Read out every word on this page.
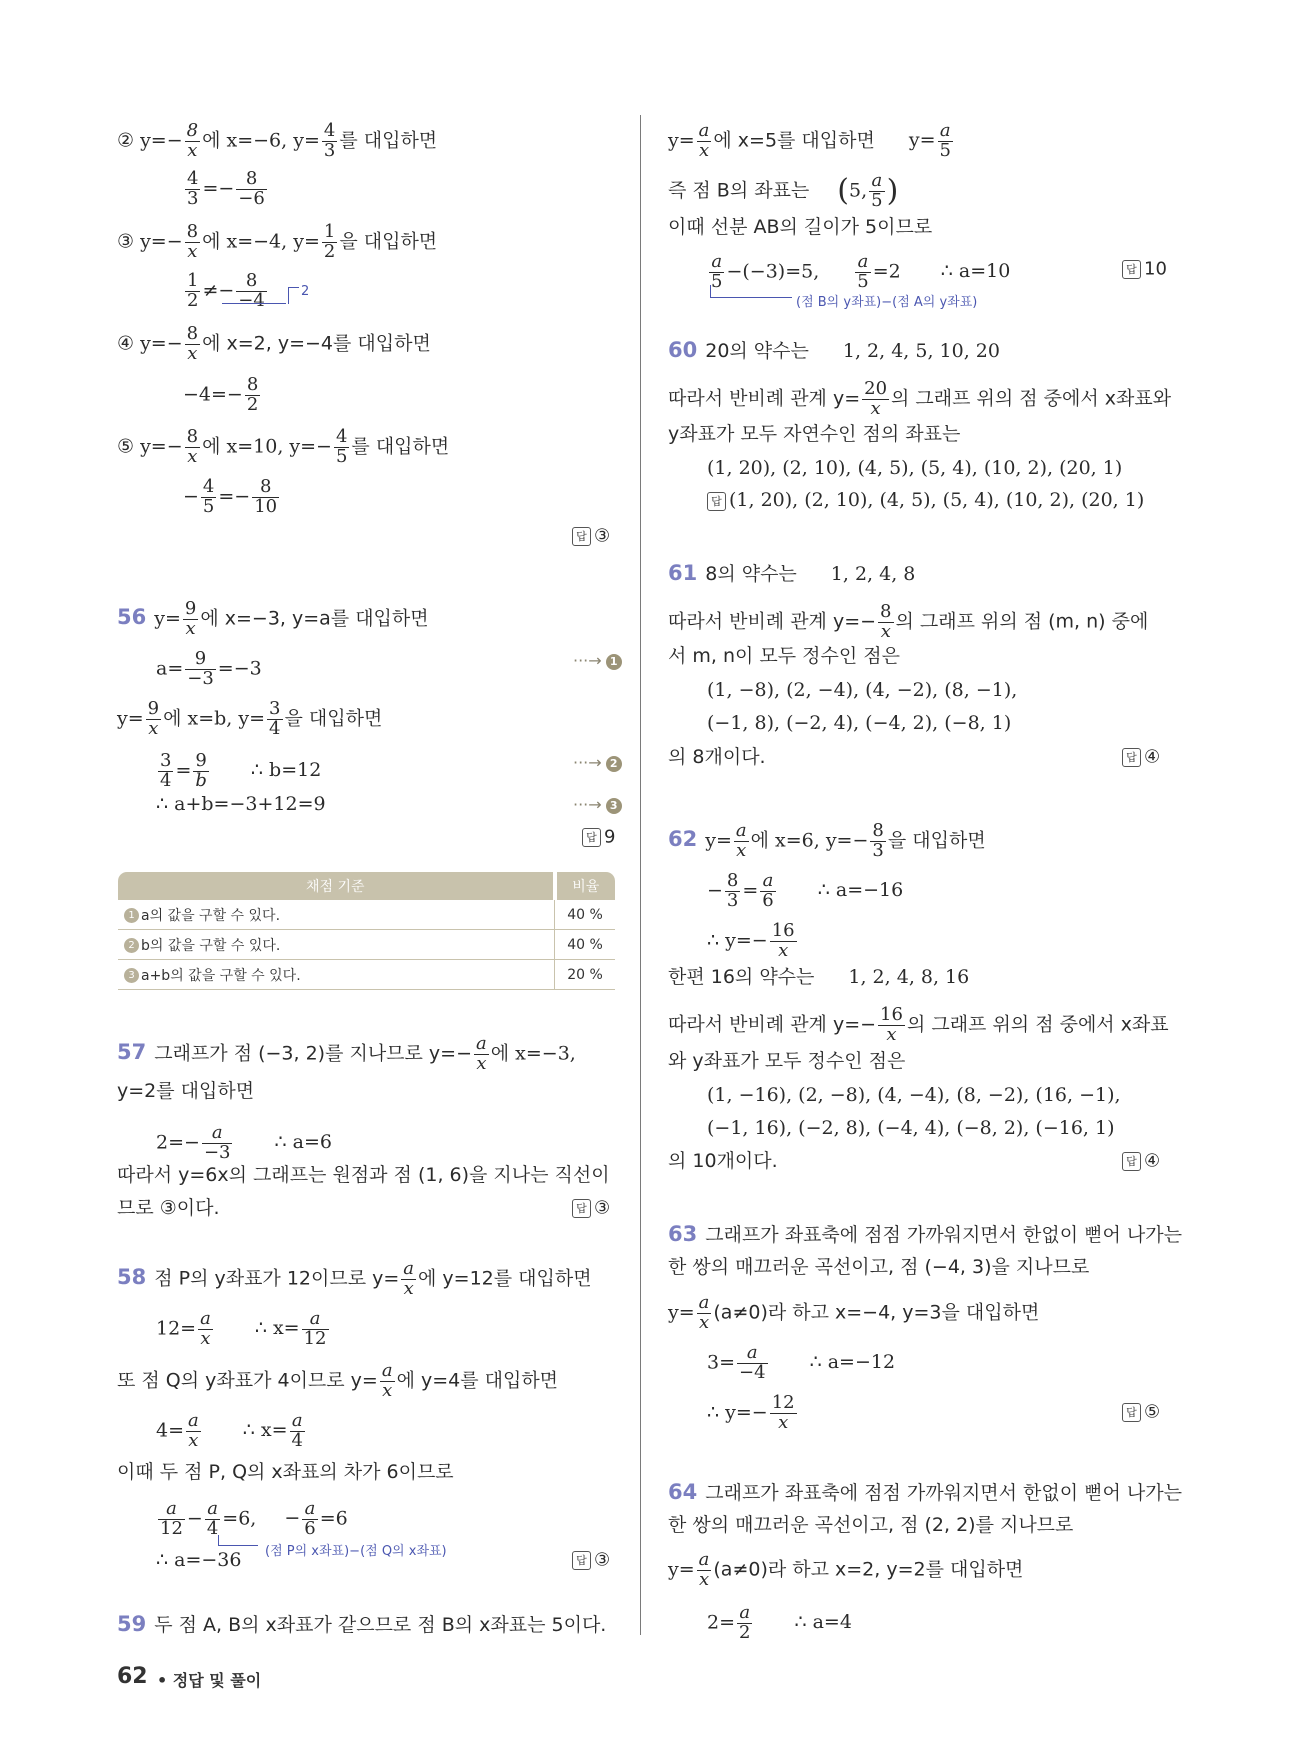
② $y=- \frac{8}{x}$ 에 x=−6, $y= \frac{4}{3}$ 를 대입하면
$\frac{4}{3} =- \frac{8}{-6}$
③ $y=- \frac{8}{x}$ 에 x=−4, $y= \frac{1}{2}$ 을 대입하면
$\frac{1}{2} \ne- \frac{8}{-4}$	2
④ $y=- \frac{8}{x}$ 에 x=2, y=−4를 대입하면
$-4=- \frac{8}{2}$
⑤ $y=- \frac{8}{x}$ 에 x=10, $y=- \frac{4}{5}$ 를 대입하면
− $\frac{4}{5} =- \frac{8}{10}$
답 ③
56 $y= \frac{9}{x}$ 에 x=−3, y=a를 대입하면
$a= \frac{9}{-3} =-3$	···→ 1
$y= \frac{9}{x}$ 에 x=b, $y= \frac{3}{4}$ 을 대입하면
$\frac{3}{4} = \frac{9}{b}$ ∴ b=12	···→ 2
∴ a+b=−3+12=9	···→ 3
답 9
채점 기준	비율
1 a의 값을 구할 수 있다.	40 %
2 b의 값을 구할 수 있다.	40 %
3 a+b의 값을 구할 수 있다.	20 %
57 그래프가 점 (−3, 2)를 지나므로 $y=- \frac{a}{x}$ 에 x=−3,
y=2를 대입하면
$2=- \frac{a}{-3}$ ∴ a=6
따라서 y=6x의 그래프는 원점과 점 (1, 6)을 지나는 직선이
므로 ③이다.	답 ③
58 점 P의 y좌표가 12이므로 $y= \frac{a}{x}$ 에 y=12를 대입하면
$12= \frac{a}{x}$ ∴ $x= \frac{a}{12}$
또 점 Q의 y좌표가 4이므로 $y= \frac{a}{x}$ 에 y=4를 대입하면
$4= \frac{a}{x}$ ∴ $x= \frac{a}{4}$
이때 두 점 P, Q의 x좌표의 차가 6이므로
$\frac{a}{12} - \frac{a}{4} =6$, − $\frac{a}{6} =6$
(점 P의 x좌표)−(점 Q의 x좌표)
∴ a=−36	답 ③
59 두 점 A, B의 x좌표가 같으므로 점 B의 x좌표는 5이다.
$y= \frac{a}{x}$ 에 x=5를 대입하면 $y= \frac{a}{5}$
즉 점 B의 좌표는 (5, $\frac{a}{5}$ )
이때 선분 AB의 길이가 5이므로
$\frac{a}{5} -(-3)=5$, $\frac{a}{5} =2$ ∴ a=10
(점 B의 y좌표)−(점 A의 y좌표)
답 10
60 20의 약수는 1, 2, 4, 5, 10, 20
따라서 반비례 관계 $y= \frac{20}{x}$ 의 그래프 위의 점 중에서 x좌표와
y좌표가 모두 자연수인 점의 좌표는
(1, 20), (2, 10), (4, 5), (5, 4), (10, 2), (20, 1)
답 (1, 20), (2, 10), (4, 5), (5, 4), (10, 2), (20, 1)
61 8의 약수는 1, 2, 4, 8
따라서 반비례 관계 $y=- \frac{8}{x}$ 의 그래프 위의 점 (m, n) 중에
서 m, n이 모두 정수인 점은
(1, −8), (2, −4), (4, −2), (8, −1),
(−1, 8), (−2, 4), (−4, 2), (−8, 1)
의 8개이다.	답 ④
62 $y= \frac{a}{x}$ 에 x=6, $y=- \frac{8}{3}$ 을 대입하면
− $\frac{8}{3} = \frac{a}{6}$ ∴ a=−16
∴ $y=- \frac{16}{x}$
한편 16의 약수는 1, 2, 4, 8, 16
따라서 반비례 관계 $y=- \frac{16}{x}$ 의 그래프 위의 점 중에서 x좌표
와 y좌표가 모두 정수인 점은
(1, −16), (2, −8), (4, −4), (8, −2), (16, −1),
(−1, 16), (−2, 8), (−4, 4), (−8, 2), (−16, 1)
의 10개이다.	답 ④
63 그래프가 좌표축에 점점 가까워지면서 한없이 뻗어 나가는
한 쌍의 매끄러운 곡선이고, 점 (−4, 3)을 지나므로
$y= \frac{a}{x} (a\ne 0)$라 하고 x=−4, y=3을 대입하면
$3= \frac{a}{-4}$ ∴ a=−12
∴ $y=- \frac{12}{x}$	답 ⑤
64 그래프가 좌표축에 점점 가까워지면서 한없이 뻗어 나가는
한 쌍의 매끄러운 곡선이고, 점 (2, 2)를 지나므로
$y= \frac{a}{x} (a\ne 0)$라 하고 x=2, y=2를 대입하면
$2= \frac{a}{2}$ ∴ a=4
62 • 정답 및 풀이
